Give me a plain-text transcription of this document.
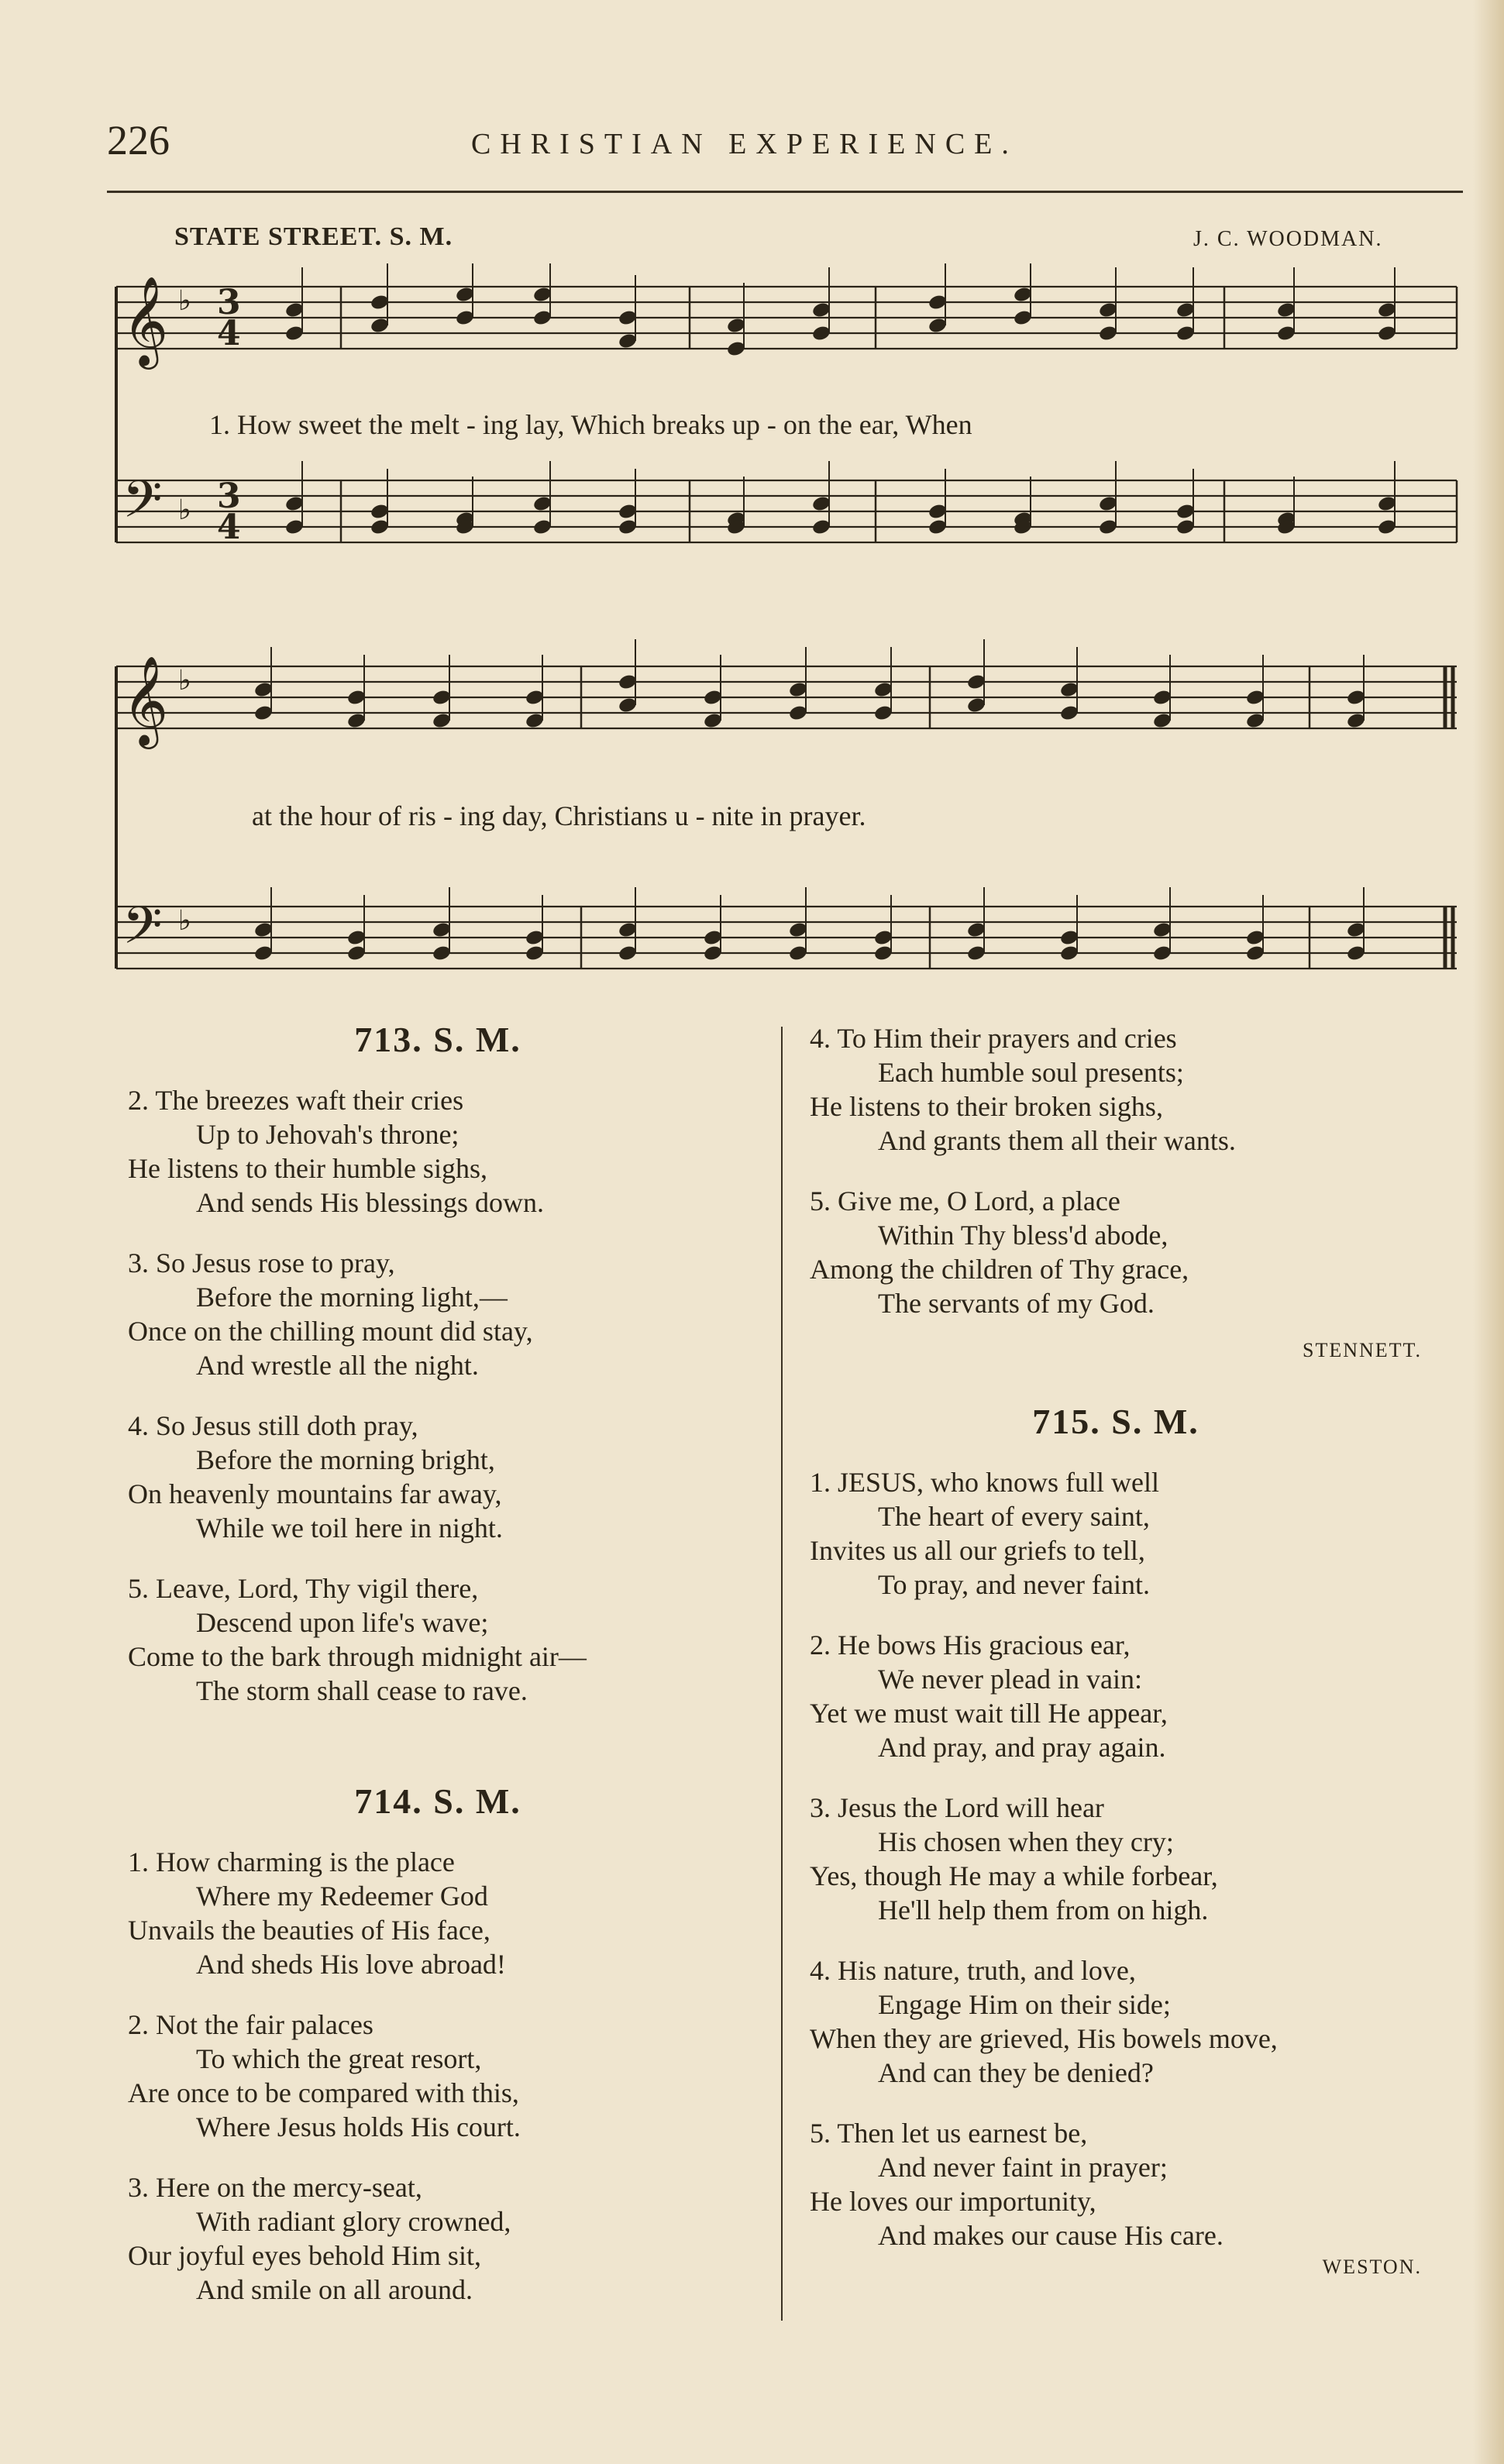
226	CHRISTIAN EXPERIENCE.
STATE STREET. S. M.	J. C. WOODMAN.
𝄞
𝄢
𝄞
𝄢
♭
♭
♭
♭
3
4
3
4
1. How sweet the melt - ing lay, Which breaks up - on the ear, When
at the hour of ris - ing day, Christians u - nite in prayer.
713. S. M.
2. The breezes waft their cries
Up to Jehovah's throne;
He listens to their humble sighs,
And sends His blessings down.
3. So Jesus rose to pray,
Before the morning light,—
Once on the chilling mount did stay,
And wrestle all the night.
4. So Jesus still doth pray,
Before the morning bright,
On heavenly mountains far away,
While we toil here in night.
5. Leave, Lord, Thy vigil there,
Descend upon life's wave;
Come to the bark through midnight air—
The storm shall cease to rave.
714. S. M.
1. How charming is the place
Where my Redeemer God
Unvails the beauties of His face,
And sheds His love abroad!
2. Not the fair palaces
To which the great resort,
Are once to be compared with this,
Where Jesus holds His court.
3. Here on the mercy-seat,
With radiant glory crowned,
Our joyful eyes behold Him sit,
And smile on all around.
4. To Him their prayers and cries
Each humble soul presents;
He listens to their broken sighs,
And grants them all their wants.
5. Give me, O Lord, a place
Within Thy bless'd abode,
Among the children of Thy grace,
The servants of my God.
STENNETT.
715. S. M.
1. JESUS, who knows full well
The heart of every saint,
Invites us all our griefs to tell,
To pray, and never faint.
2. He bows His gracious ear,
We never plead in vain:
Yet we must wait till He appear,
And pray, and pray again.
3. Jesus the Lord will hear
His chosen when they cry;
Yes, though He may a while forbear,
He'll help them from on high.
4. His nature, truth, and love,
Engage Him on their side;
When they are grieved, His bowels move,
And can they be denied?
5. Then let us earnest be,
And never faint in prayer;
He loves our importunity,
And makes our cause His care.
WESTON.
